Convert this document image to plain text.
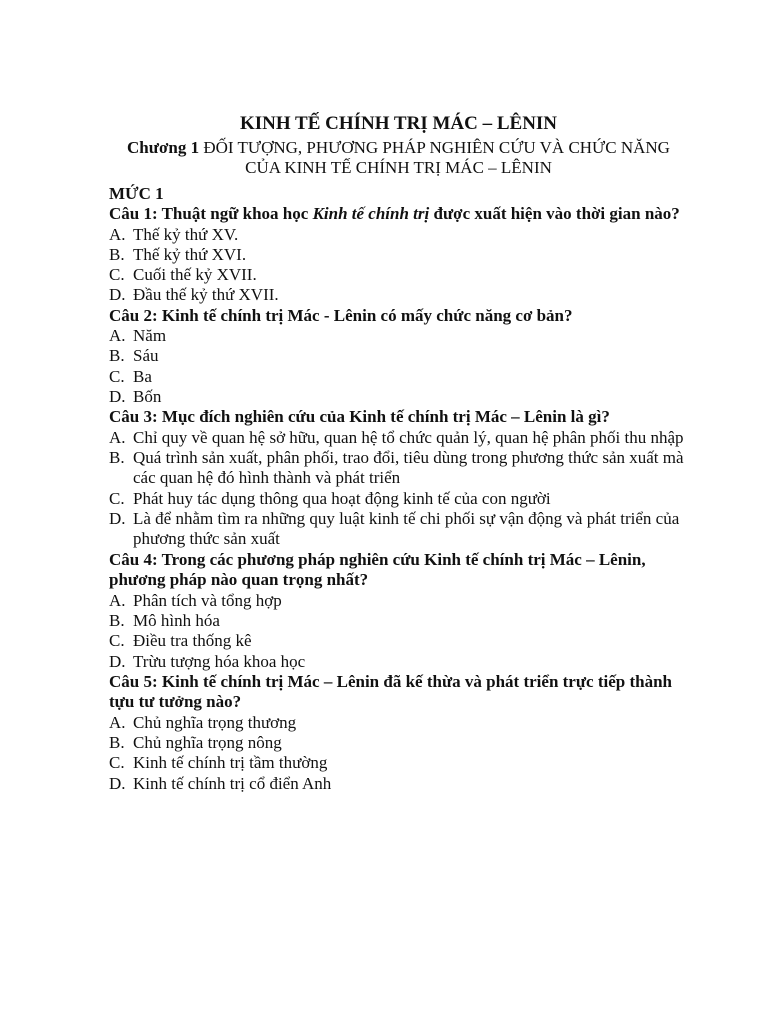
KINH TẾ CHÍNH TRỊ MÁC – LÊNIN
Chương 1 ĐỐI TƯỢNG, PHƯƠNG PHÁP NGHIÊN CỨU VÀ CHỨC NĂNG
CỦA KINH TẾ CHÍNH TRỊ MÁC – LÊNIN
MỨC 1
Câu 1: Thuật ngữ khoa học Kinh tế chính trị được xuất hiện vào thời gian nào?
A. Thế kỷ thứ XV.
B. Thế kỷ thứ XVI.
C. Cuối thế kỷ XVII.
D. Đầu thế kỷ thứ XVII.
Câu 2: Kinh tế chính trị Mác - Lênin có mấy chức năng cơ bản?
A. Năm
B. Sáu
C. Ba
D. Bốn
Câu 3: Mục đích nghiên cứu của Kinh tế chính trị Mác – Lênin là gì?
A. Chỉ quy về quan hệ sở hữu, quan hệ tổ chức quản lý, quan hệ phân phối thu nhập
B. Quá trình sản xuất, phân phối, trao đổi, tiêu dùng trong phương thức sản xuất mà các quan hệ đó hình thành và phát triển
C. Phát huy tác dụng thông qua hoạt động kinh tế của con người
D. Là để nhằm tìm ra những quy luật kinh tế chi phối sự vận động và phát triển của phương thức sản xuất
Câu 4: Trong các phương pháp nghiên cứu Kinh tế chính trị Mác – Lênin, phương pháp nào quan trọng nhất?
A. Phân tích và tổng hợp
B. Mô hình hóa
C. Điều tra thống kê
D. Trừu tượng hóa khoa học
Câu 5: Kinh tế chính trị Mác – Lênin đã kế thừa và phát triển trực tiếp thành tựu tư tưởng nào?
A. Chủ nghĩa trọng thương
B. Chủ nghĩa trọng nông
C. Kinh tế chính trị tầm thường
D. Kinh tế chính trị cổ điển Anh
